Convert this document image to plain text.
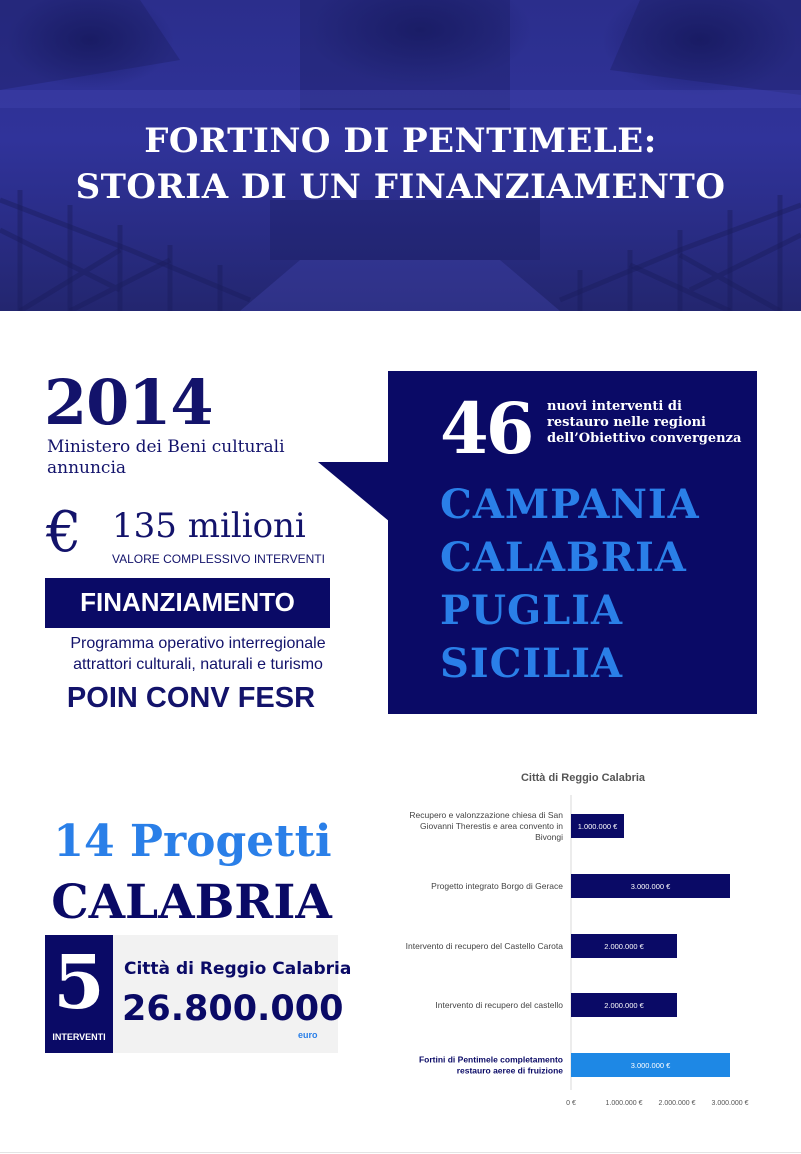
FORTINO DI PENTIMELE:
STORIA DI UN FINANZIAMENTO
2014
Ministero dei Beni culturali annuncia
€ 135 milioni
VALORE COMPLESSIVO INTERVENTI
FINANZIAMENTO
Programma operativo interregionale attrattori culturali, naturali e turismo
POIN CONV FESR
46 nuovi interventi di restauro nelle regioni dell’Obiettivo convergenza
CAMPANIA
CALABRIA
PUGLIA
SICILIA
14 Progetti
CALABRIA
5
INTERVENTI
Città di Reggio Calabria
26.800.000
euro
Città di Reggio Calabria
1.000.000 €
Recupero e valonzzazione chiesa di San Giovanni Therestis e area convento in Bivongi
3.000.000 €
Progetto integrato Borgo di Gerace
2.000.000 €
Intervento di recupero del Castello Carota
2.000.000 €
Intervento di recupero del castello
3.000.000 €
Fortini di Pentimele completamento restauro aeree di fruizione
0 €	1.000.000 € 2.000.000 € 3.000.000 €
